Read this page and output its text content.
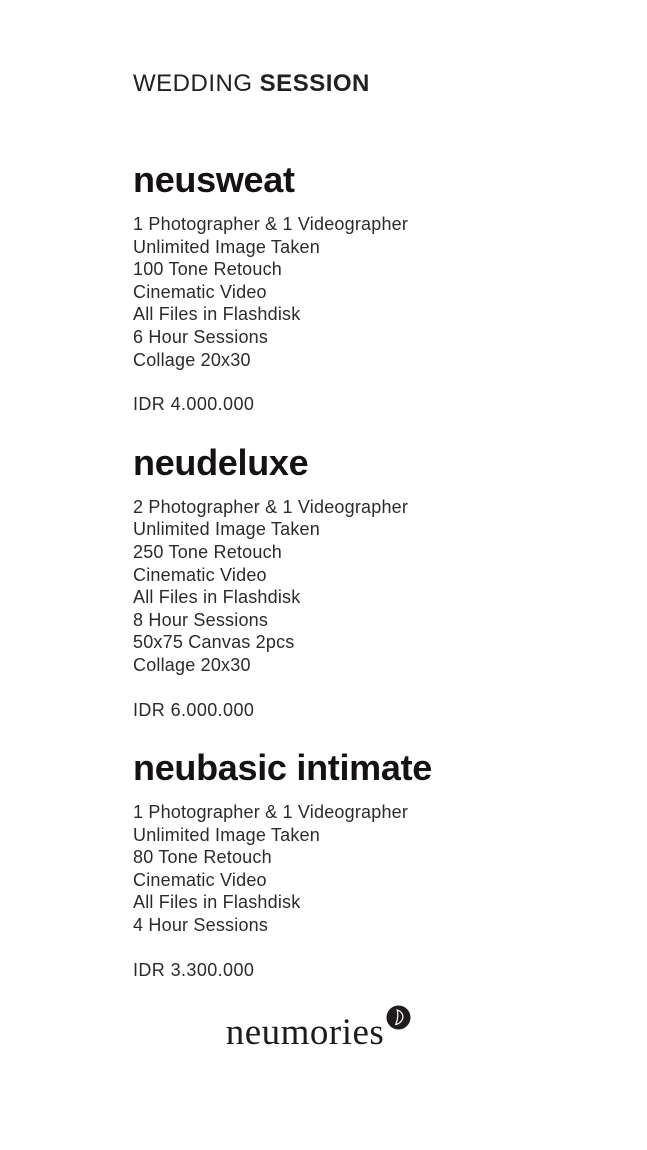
WEDDING SESSION
neusweat
1 Photographer & 1 Videographer
Unlimited Image Taken
100 Tone Retouch
Cinematic Video
All Files in Flashdisk
6 Hour Sessions
Collage 20x30
IDR 4.000.000
neudeluxe
2 Photographer & 1 Videographer
Unlimited Image Taken
250 Tone Retouch
Cinematic Video
All Files in Flashdisk
8 Hour Sessions
50x75 Canvas 2pcs
Collage 20x30
IDR 6.000.000
neubasic intimate
1 Photographer & 1 Videographer
Unlimited Image Taken
80 Tone Retouch
Cinematic Video
All Files in Flashdisk
4 Hour Sessions
IDR 3.300.000
neumories
